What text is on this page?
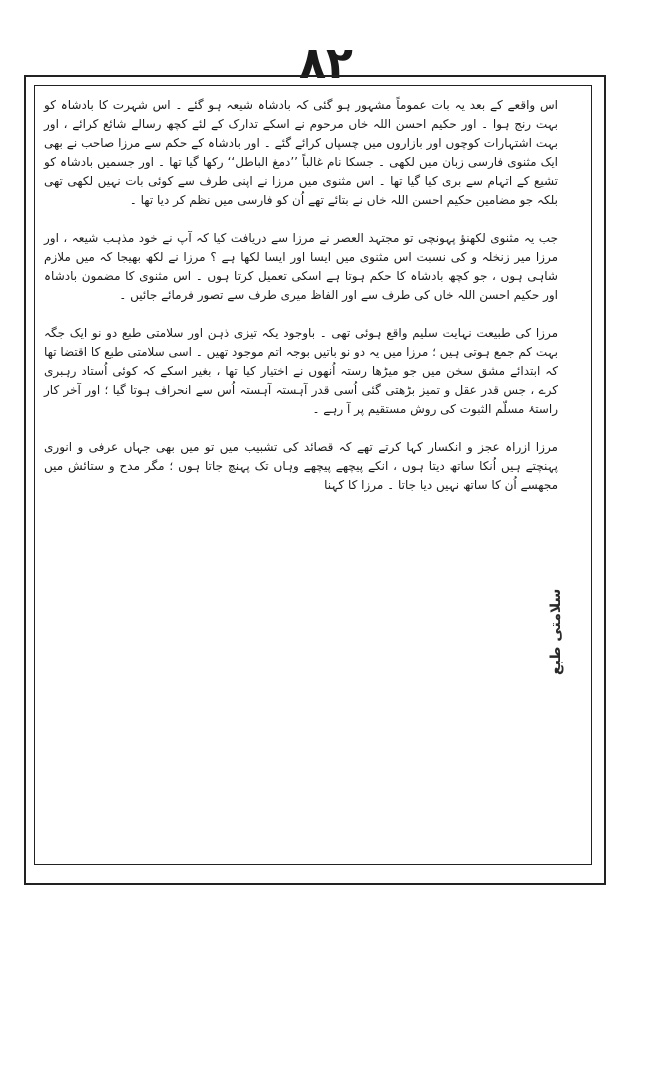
۸۲

اس واقعے کے بعد یہ بات عموماً مشہور ہو گئی کہ بادشاہ شیعہ ہو گئے ۔ اس شہرت کا بادشاہ کو بہت رنج ہوا ۔ اور حکیم احسن اللہ خاں مرحوم نے اسکے تدارک کے لئے کچھ رسالے شائع کرائے ، اور بہت اشتہارات کوچوں اور بازاروں میں چسپاں کرائے گئے ۔ اور بادشاہ کے حکم سے مرزا صاحب نے بھی ایک مثنوی فارسی زبان میں لکھی ۔ جسکا نام غالباً ’’دمغ الباطل‘‘ رکھا گیا تھا ۔ اور جسمیں بادشاہ کو تشیع کے اتہام سے بری کیا گیا تھا ۔ اس مثنوی میں مرزا نے اپنی طرف سے کوئی بات نہیں لکھی تھی بلکہ جو مضامین حکیم احسن اللہ خاں نے بتائے تھے اُن کو فارسی میں نظم کر دیا تھا ۔

جب یہ مثنوی لکھنؤ پہونچی تو مجتہد العصر نے مرزا سے دریافت کیا کہ آپ نے خود مذہب شیعہ ، اور مرزا میر زنخلہ و کی نسبت اس مثنوی میں ایسا اور ایسا لکھا ہے ؟ مرزا نے لکھ بھیجا کہ میں ملازم شاہی ہوں ، جو کچھ بادشاہ کا حکم ہوتا ہے اسکی تعمیل کرتا ہوں ۔ اس مثنوی کا مضمون بادشاہ اور حکیم احسن اللہ خاں کی طرف سے اور الفاظ میری طرف سے تصور فرمائے جائیں ۔

مرزا کی طبیعت نہایت سلیم واقع ہوئی تھی ۔ باوجود یکہ تیزی ذہن اور سلامتی طبع دو نو ایک جگہ بہت کم جمع ہوتی ہیں ؛ مرزا میں یہ دو نو باتیں بوجہ اتم موجود تھیں ۔ اسی سلامتی طبع کا اقتضا تھا کہ ابتدائے مشق سخن میں جو میڑھا رستہ اُنھوں نے اختیار کیا تھا ، بغیر اسکے کہ کوئی اُستاد رہبری کرے ، جس قدر عقل و تمیز بڑھتی گئی اُسی قدر آہستہ آہستہ اُس سے انحراف ہوتا گیا ؛ اور آخر کار راستۂ مسلّم الثبوت کی روش مستقیم پر آ رہے ۔

مرزا ازراہ عجز و انکسار کہا کرتے تھے کہ قصائد کی تشبیب میں تو میں بھی جہاں عرفی و انوری پہنچتے ہیں اُنکا ساتھ دیتا ہوں ، انکے پیچھے پیچھے وہاں تک پہنچ جاتا ہوں ؛ مگر مدح و ستائش میں مجھسے اُن کا ساتھ نہیں دیا جاتا ۔ مرزا کا کہنا

سلامتی طبع
